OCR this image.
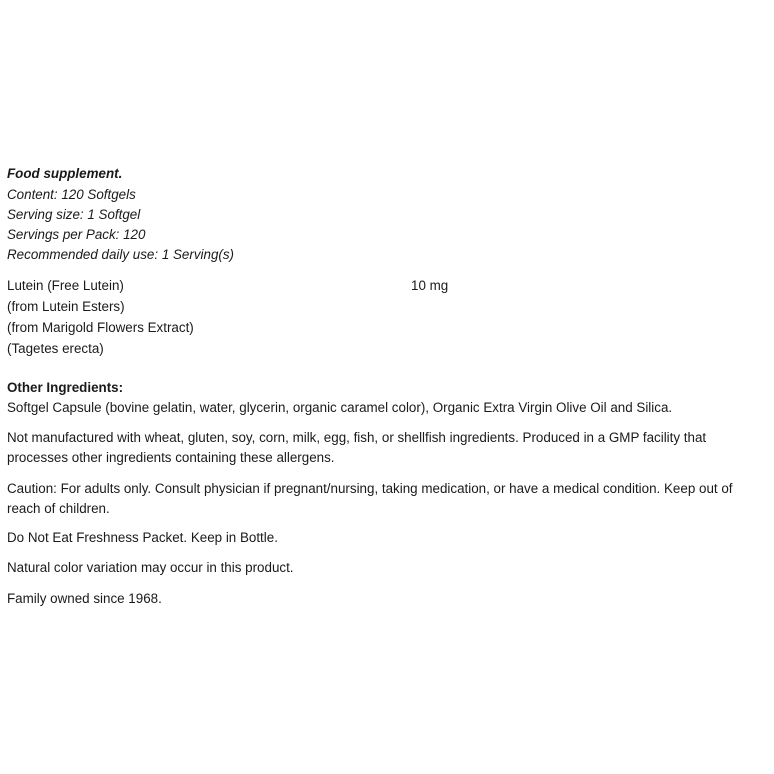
Food supplement.
Content: 120 Softgels
Serving size: 1 Softgel
Servings per Pack: 120
Recommended daily use: 1 Serving(s)
Lutein (Free Lutein)	10 mg
(from Lutein Esters)
(from Marigold Flowers Extract)
(Tagetes erecta)
Other Ingredients:
Softgel Capsule (bovine gelatin, water, glycerin, organic caramel color), Organic Extra Virgin Olive Oil and Silica.
Not manufactured with wheat, gluten, soy, corn, milk, egg, fish, or shellfish ingredients. Produced in a GMP facility that processes other ingredients containing these allergens.
Caution: For adults only. Consult physician if pregnant/nursing, taking medication, or have a medical condition. Keep out of reach of children.
Do Not Eat Freshness Packet. Keep in Bottle.
Natural color variation may occur in this product.
Family owned since 1968.
